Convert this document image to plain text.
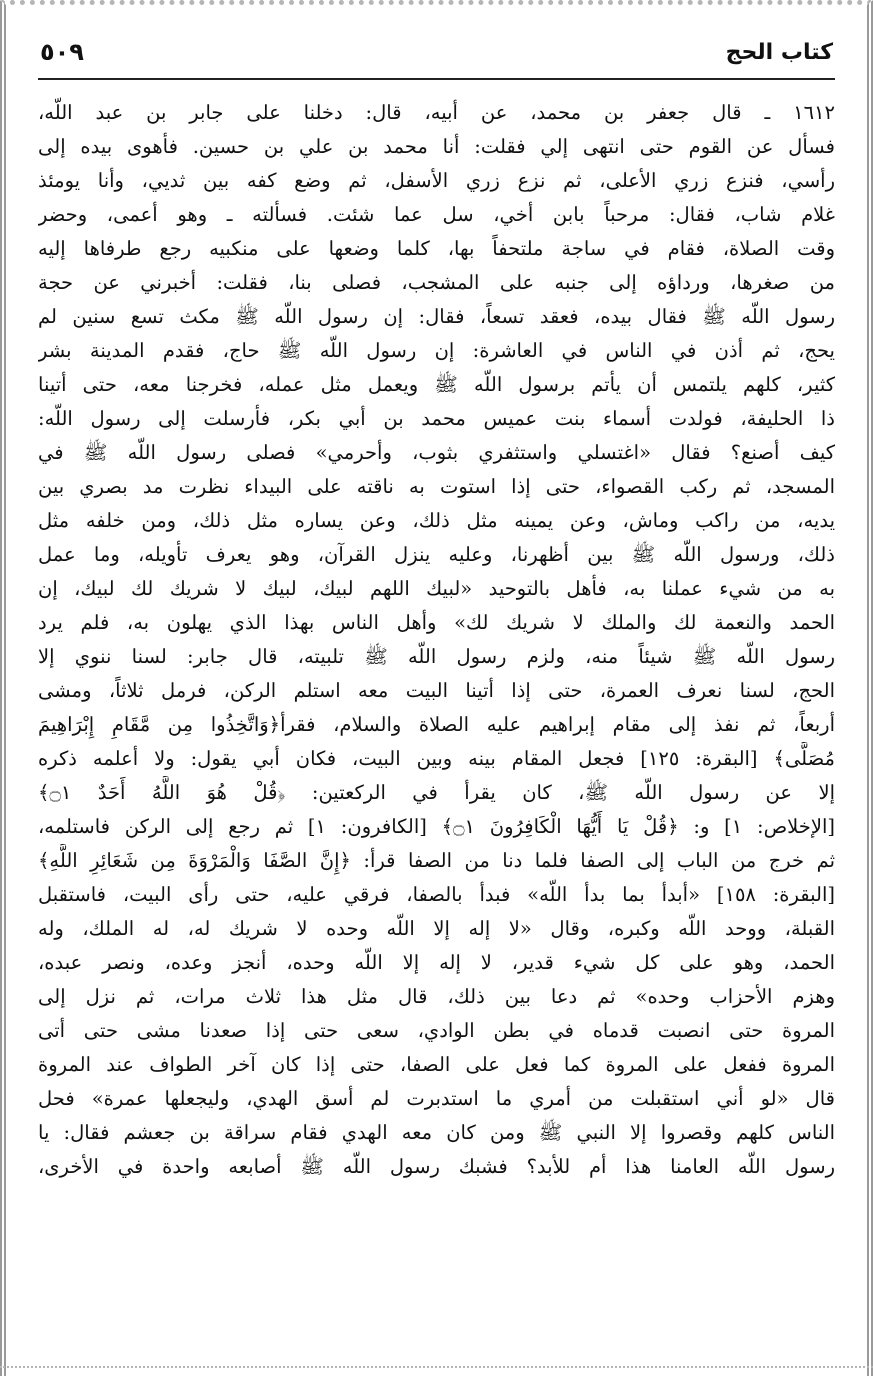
كتاب الحج
٥٠٩
١٦١٢ ـ قال جعفر بن محمد، عن أبيه، قال: دخلنا على جابر بن عبد اللّه،
فسأل عن القوم حتى انتهى إلي فقلت: أنا محمد بن علي بن حسين. فأهوى بيده إلى
رأسي، فنزع زري الأعلى، ثم نزع زري الأسفل، ثم وضع كفه بين ثديي، وأنا يومئذ
غلام شاب، فقال: مرحباً بابن أخي، سل عما شئت. فسألته ـ وهو أعمى، وحضر
وقت الصلاة، فقام في ساجة ملتحفاً بها، كلما وضعها على منكبيه رجع طرفاها إليه
من صغرها، ورداؤه إلى جنبه على المشجب، فصلى بنا، فقلت: أخبرني عن حجة
رسول اللّه ﷺ فقال بيده، فعقد تسعاً، فقال: إن رسول اللّه ﷺ مكث تسع سنين لم
يحج، ثم أذن في الناس في العاشرة: إن رسول اللّه ﷺ حاج، فقدم المدينة بشر
كثير، كلهم يلتمس أن يأتم برسول اللّه ﷺ ويعمل مثل عمله، فخرجنا معه، حتى أتينا
ذا الحليفة، فولدت أسماء بنت عميس محمد بن أبي بكر، فأرسلت إلى رسول اللّه:
كيف أصنع؟ فقال «اغتسلي واستثفري بثوب، وأحرمي» فصلى رسول اللّه ﷺ في
المسجد، ثم ركب القصواء، حتى إذا استوت به ناقته على البيداء نظرت مد بصري بين
يديه، من راكب وماش، وعن يمينه مثل ذلك، وعن يساره مثل ذلك، ومن خلفه مثل
ذلك، ورسول اللّه ﷺ بين أظهرنا، وعليه ينزل القرآن، وهو يعرف تأويله، وما عمل
به من شيء عملنا به، فأهل بالتوحيد «لبيك اللهم لبيك، لبيك لا شريك لك لبيك، إن
الحمد والنعمة لك والملك لا شريك لك» وأهل الناس بهذا الذي يهلون به، فلم يرد
رسول اللّه ﷺ شيئاً منه، ولزم رسول اللّه ﷺ تلبيته، قال جابر: لسنا ننوي إلا
الحج، لسنا نعرف العمرة، حتى إذا أتينا البيت معه استلم الركن، فرمل ثلاثاً، ومشى
أربعاً، ثم نفذ إلى مقام إبراهيم عليه الصلاة والسلام، فقرأ﴿وَاتَّخِذُوا مِن مَّقَامِ إِبْرَاهِيمَ
مُصَلًّى﴾ [البقرة: ١٢٥] فجعل المقام بينه وبين البيت، فكان أبي يقول: ولا أعلمه ذكره
إلا عن رسول اللّه ﷺ، كان يقرأ في الركعتين: ﴿قُلْ هُوَ اللَّهُ أَحَدٌ ۝١﴾
[الإخلاص: ١] و: ﴿قُلْ يَا أَيُّهَا الْكَافِرُونَ ۝١﴾ [الكافرون: ١] ثم رجع إلى الركن فاستلمه،
ثم خرج من الباب إلى الصفا فلما دنا من الصفا قرأ: ﴿إِنَّ الصَّفَا وَالْمَرْوَةَ مِن شَعَائِرِ اللَّهِ﴾
[البقرة: ١٥٨] «أبدأ بما بدأ اللّه» فبدأ بالصفا، فرقي عليه، حتى رأى البيت، فاستقبل
القبلة، ووحد اللّه وكبره، وقال «لا إله إلا اللّه وحده لا شريك له، له الملك، وله
الحمد، وهو على كل شيء قدير، لا إله إلا اللّه وحده، أنجز وعده، ونصر عبده،
وهزم الأحزاب وحده» ثم دعا بين ذلك، قال مثل هذا ثلاث مرات، ثم نزل إلى
المروة حتى انصبت قدماه في بطن الوادي، سعى حتى إذا صعدنا مشى حتى أتى
المروة ففعل على المروة كما فعل على الصفا، حتى إذا كان آخر الطواف عند المروة
قال «لو أني استقبلت من أمري ما استدبرت لم أسق الهدي، وليجعلها عمرة» فحل
الناس كلهم وقصروا إلا النبي ﷺ ومن كان معه الهدي فقام سراقة بن جعشم فقال: يا
رسول اللّه العامنا هذا أم للأبد؟ فشبك رسول اللّه ﷺ أصابعه واحدة في الأخرى،
